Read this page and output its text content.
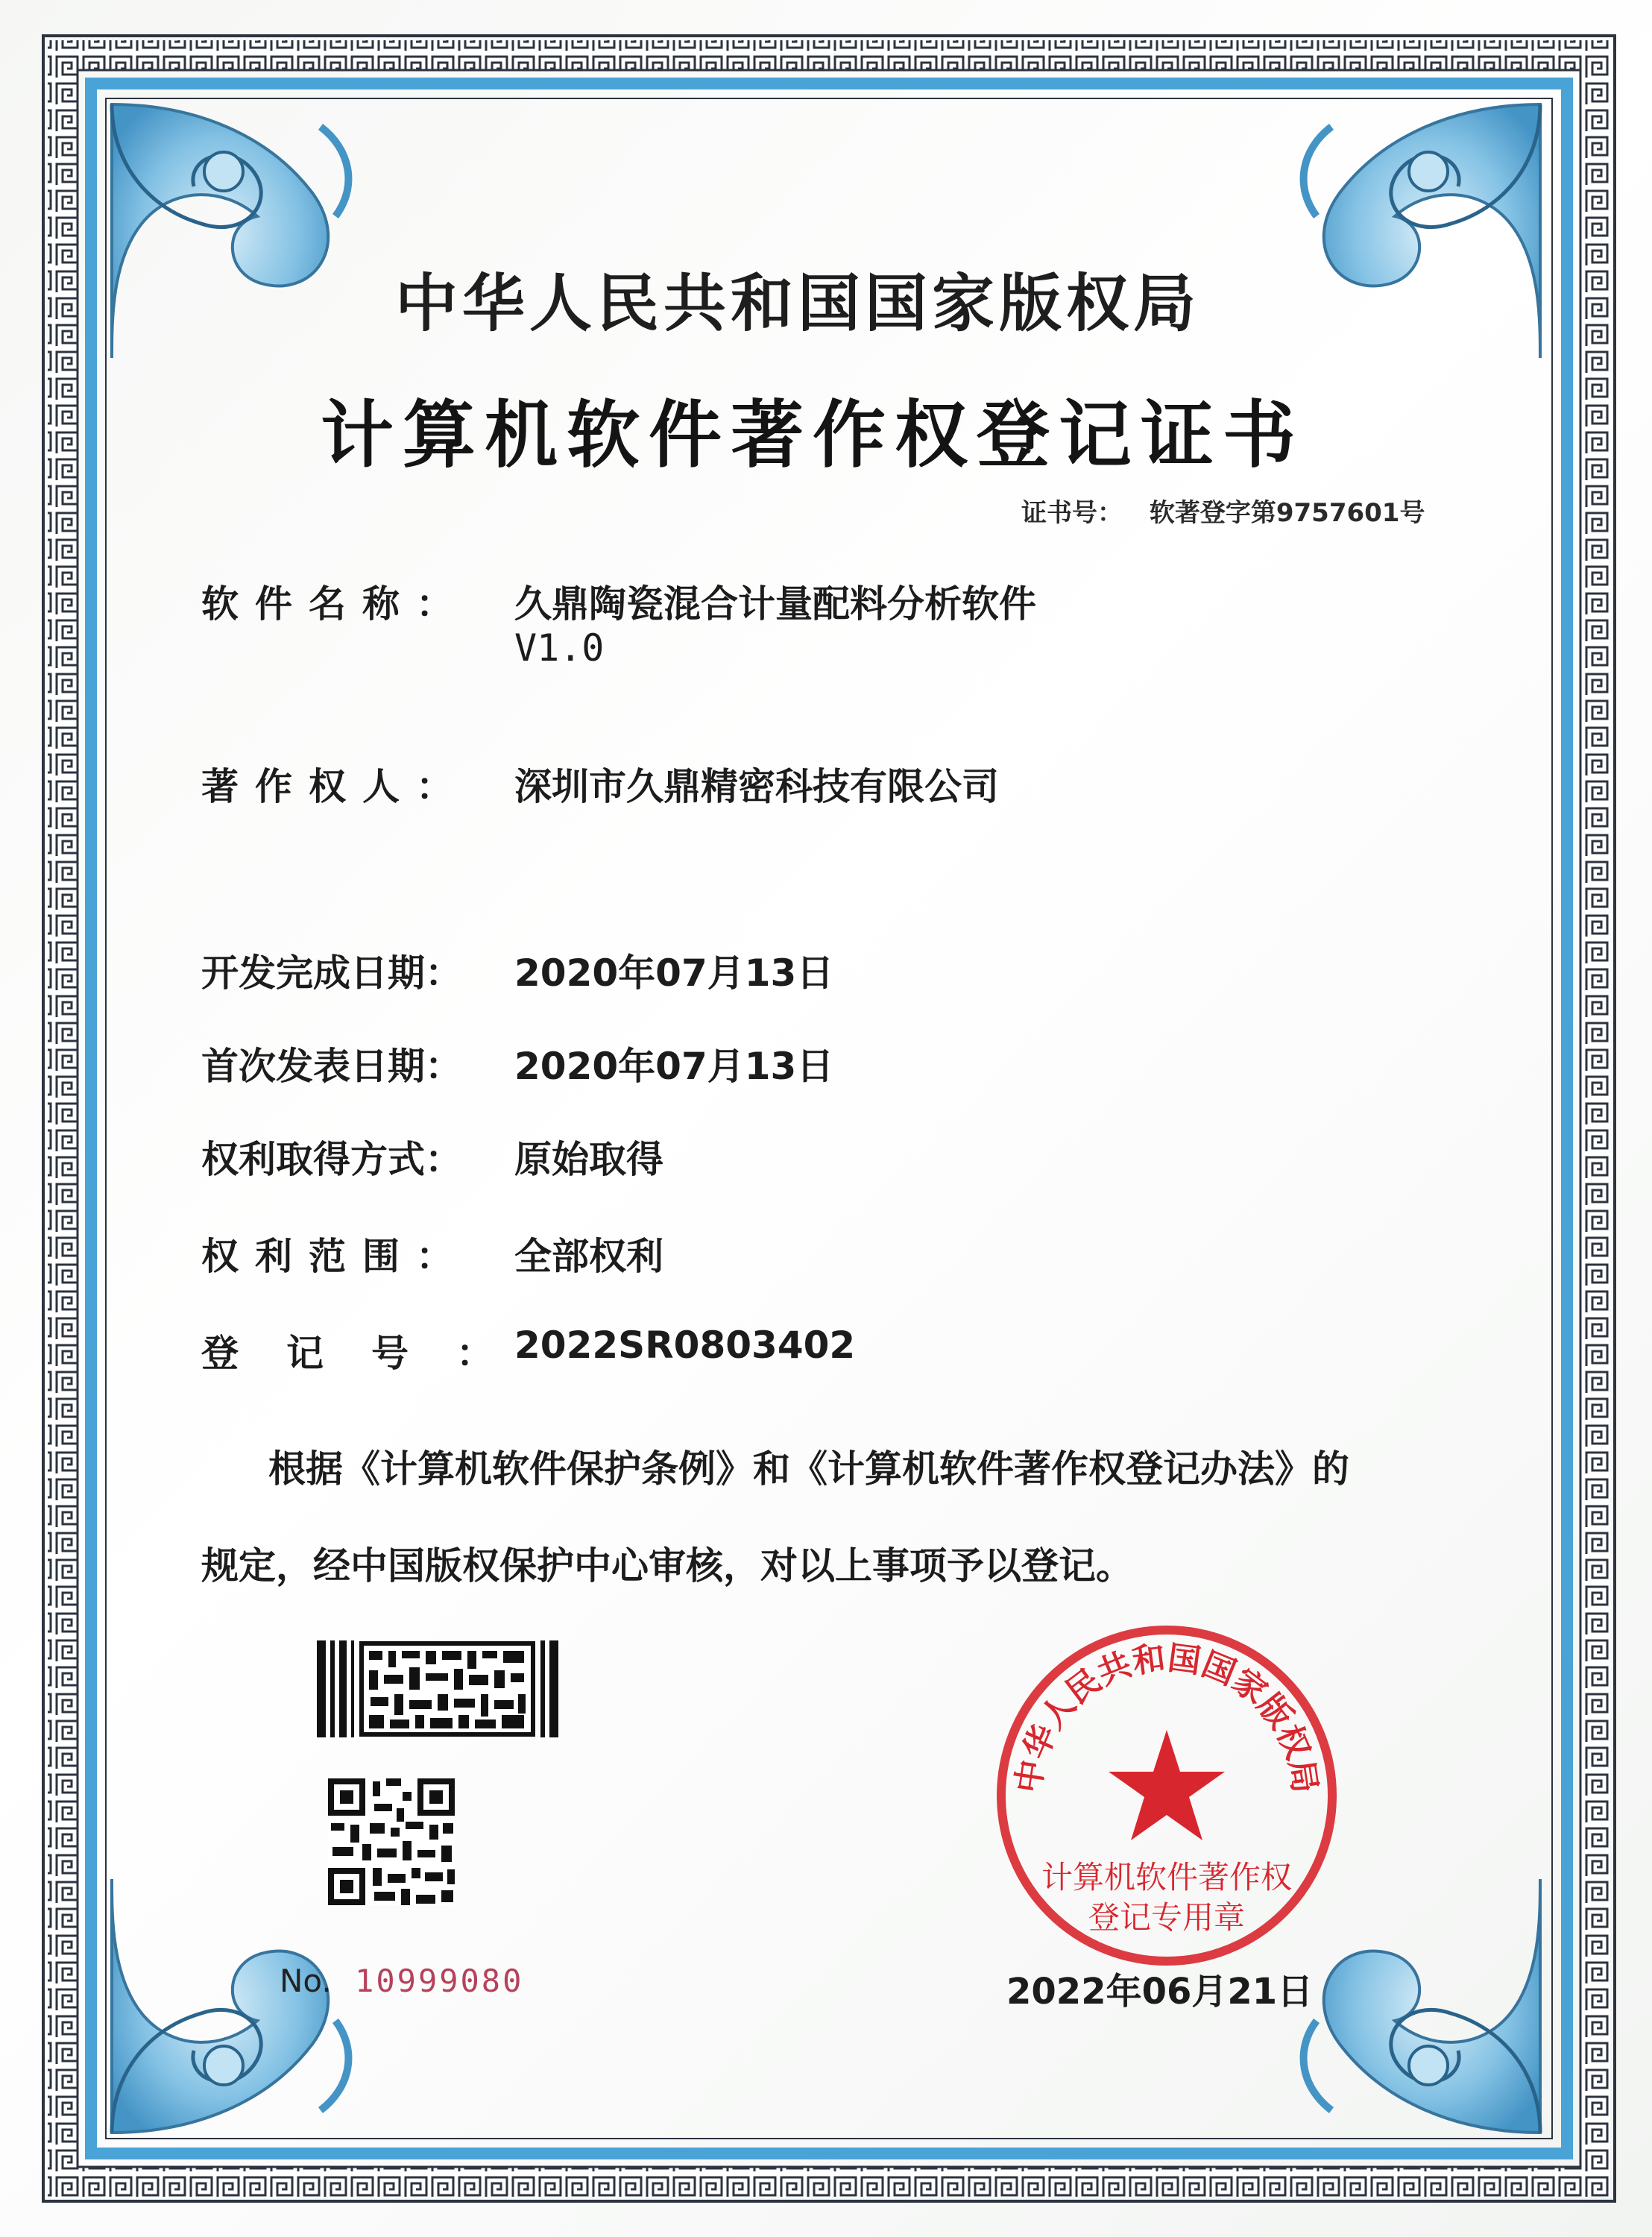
中华人民共和国国家版权局
计算机软件著作权登记证书
证书号： 软著登字第9757601号
软件名称： 久鼎陶瓷混合计量配料分析软件
V1.0
著作权人： 深圳市久鼎精密科技有限公司
开发完成日期： 2020年07月13日
首次发表日期： 2020年07月13日
权利取得方式： 原始取得
权利范围： 全部权利
登记号：
2022SR0803402
根据《计算机软件保护条例》和《计算机软件著作权登记办法》的
规定，经中国版权保护中心审核，对以上事项予以登记。
No. 10999080
中华人民共和国国家版权局
计算机软件著作权
登记专用章
2022年06月21日
